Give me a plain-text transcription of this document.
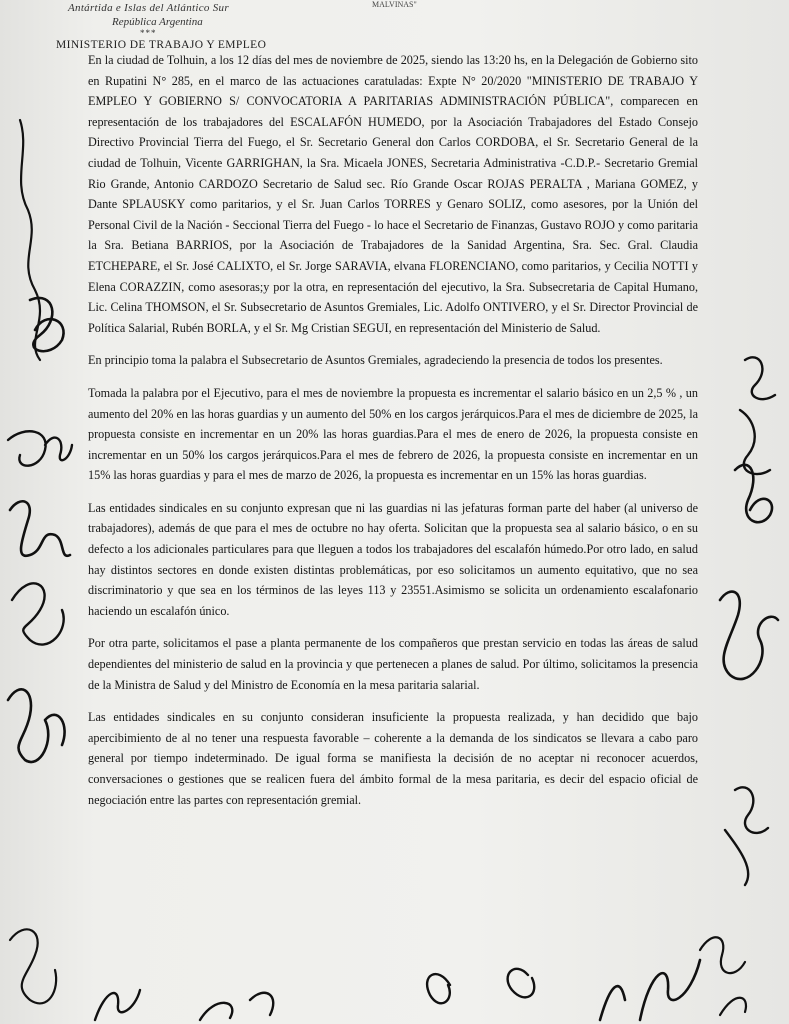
Antártida e Islas del Atlántico Sur
República Argentina
***
MALVINAS"
MINISTERIO DE TRABAJO Y EMPLEO

En la ciudad de Tolhuin, a los 12 días del mes de noviembre de 2025, siendo las 13:20 hs, en la Delegación de Gobierno sito en Rupatini N° 285, en el marco de las actuaciones caratuladas: Expte N° 20/2020 "MINISTERIO DE TRABAJO Y EMPLEO Y GOBIERNO S/ CONVOCATORIA A PARITARIAS ADMINISTRACIÓN PÚBLICA", comparecen en representación de los trabajadores del ESCALAFÓN HUMEDO, por la Asociación Trabajadores del Estado Consejo Directivo Provincial Tierra del Fuego, el Sr. Secretario General don Carlos CORDOBA, el Sr. Secretario General de la ciudad de Tolhuin, Vicente GARRIGHAN, la Sra. Micaela JONES, Secretaria Administrativa -C.D.P.- Secretario Gremial Rio Grande, Antonio CARDOZO Secretario de Salud sec. Río Grande Oscar ROJAS PERALTA , Mariana GOMEZ, y Dante SPLAUSKY como paritarios, y el Sr. Juan Carlos TORRES y Genaro SOLIZ, como asesores, por la Unión del Personal Civil de la Nación - Seccional Tierra del Fuego - lo hace el Secretario de Finanzas, Gustavo ROJO y como paritaria la Sra. Betiana BARRIOS, por la Asociación de Trabajadores de la Sanidad Argentina, Sra. Sec. Gral. Claudia ETCHEPARE, el Sr. José CALIXTO, el Sr. Jorge SARAVIA, elvana FLORENCIANO, como paritarios, y Cecilia NOTTI y Elena CORAZZIN, como asesoras;y por la otra, en representación del ejecutivo, la Sra. Subsecretaria de Capital Humano, Lic. Celina THOMSON, el Sr. Subsecretario de Asuntos Gremiales, Lic. Adolfo ONTIVERO, y el Sr. Director Provincial de Política Salarial, Rubén BORLA, y el Sr. Mg Cristian SEGUI, en representación del Ministerio de Salud.

En principio toma la palabra el Subsecretario de Asuntos Gremiales, agradeciendo la presencia de todos los presentes.

Tomada la palabra por el Ejecutivo, para el mes de noviembre la propuesta es incrementar el salario básico en un 2,5 % , un aumento del 20% en las horas guardias y un aumento del 50% en los cargos jerárquicos.Para el mes de diciembre de 2025, la propuesta consiste en incrementar en un 20% las horas guardias.Para el mes de enero de 2026, la propuesta consiste en incrementar en un 50% los cargos jerárquicos.Para el mes de febrero de 2026, la propuesta consiste en incrementar en un 15% las horas guardias y para el mes de marzo de 2026, la propuesta es incrementar en un 15% las horas guardias.

Las entidades sindicales en su conjunto expresan que ni las guardias ni las jefaturas forman parte del haber (al universo de trabajadores), además de que para el mes de octubre no hay oferta. Solicitan que la propuesta sea al salario básico, o en su defecto a los adicionales particulares para que lleguen a todos los trabajadores del escalafón húmedo.Por otro lado, en salud hay distintos sectores en donde existen distintas problemáticas, por eso solicitamos un aumento equitativo, que no sea discriminatorio y que sea en los términos de las leyes 113 y 23551.Asimismo se solicita un ordenamiento escalafonario haciendo un escalafón único.

Por otra parte, solicitamos el pase a planta permanente de los compañeros que prestan servicio en todas las áreas de salud dependientes del ministerio de salud en la provincia y que pertenecen a planes de salud. Por último, solicitamos la presencia de la Ministra de Salud y del Ministro de Economía en la mesa paritaria salarial.

Las entidades sindicales en su conjunto consideran insuficiente la propuesta realizada, y han decidido que bajo apercibimiento de al no tener una respuesta favorable – coherente a la demanda de los sindicatos se llevara a cabo paro general por tiempo indeterminado. De igual forma se manifiesta la decisión de no aceptar ni reconocer acuerdos, conversaciones o gestiones que se realicen fuera del ámbito formal de la mesa paritaria, es decir del espacio oficial de negociación entre las partes con representación gremial.
